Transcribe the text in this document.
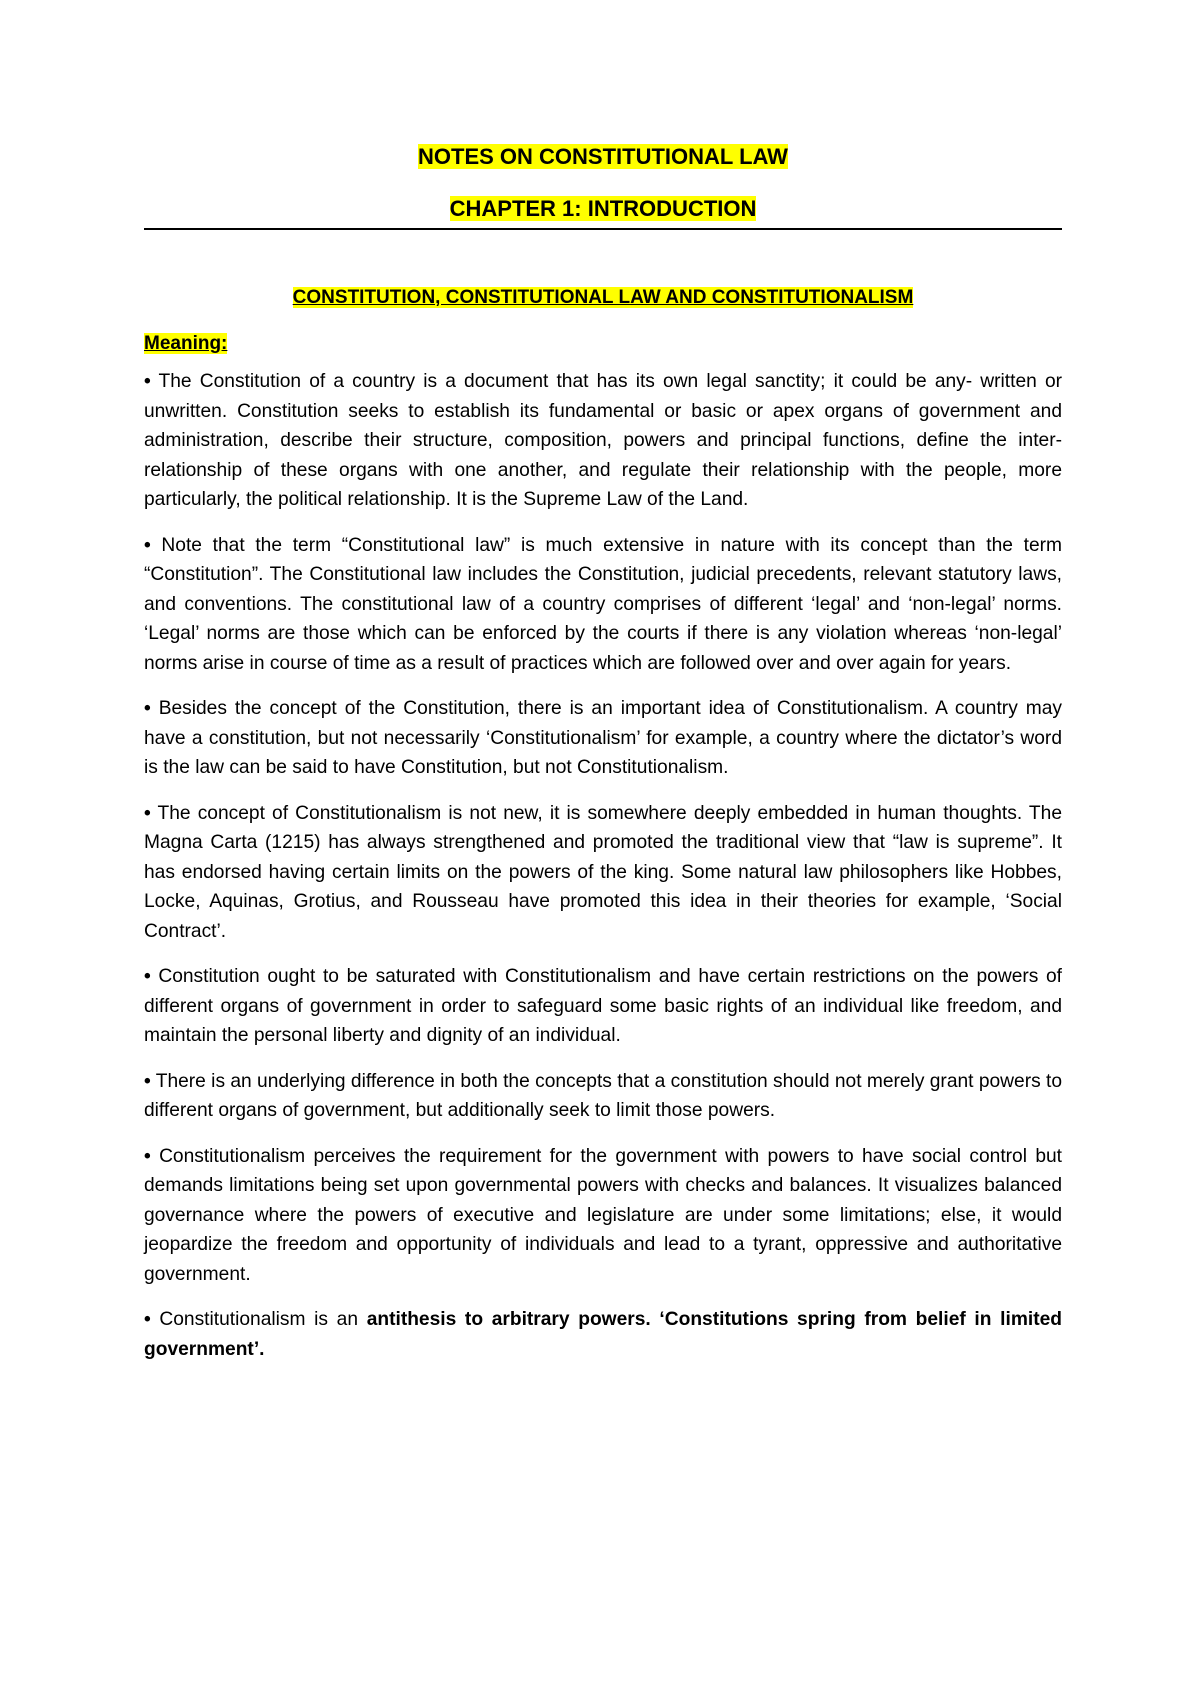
NOTES ON CONSTITUTIONAL LAW

CHAPTER 1: INTRODUCTION

CONSTITUTION, CONSTITUTIONAL LAW AND CONSTITUTIONALISM

Meaning:

• The Constitution of a country is a document that has its own legal sanctity; it could be any- written or unwritten. Constitution seeks to establish its fundamental or basic or apex organs of government and administration, describe their structure, composition, powers and principal functions, define the inter-relationship of these organs with one another, and regulate their relationship with the people, more particularly, the political relationship. It is the Supreme Law of the Land.

• Note that the term “Constitutional law” is much extensive in nature with its concept than the term “Constitution”. The Constitutional law includes the Constitution, judicial precedents, relevant statutory laws, and conventions. The constitutional law of a country comprises of different ‘legal’ and ‘non-legal’ norms. ‘Legal’ norms are those which can be enforced by the courts if there is any violation whereas ‘non-legal’ norms arise in course of time as a result of practices which are followed over and over again for years.

• Besides the concept of the Constitution, there is an important idea of Constitutionalism. A country may have a constitution, but not necessarily ‘Constitutionalism’ for example, a country where the dictator’s word is the law can be said to have Constitution, but not Constitutionalism.

• The concept of Constitutionalism is not new, it is somewhere deeply embedded in human thoughts. The Magna Carta (1215) has always strengthened and promoted the traditional view that “law is supreme”. It has endorsed having certain limits on the powers of the king. Some natural law philosophers like Hobbes, Locke, Aquinas, Grotius, and Rousseau have promoted this idea in their theories for example, ‘Social Contract’.

• Constitution ought to be saturated with Constitutionalism and have certain restrictions on the powers of different organs of government in order to safeguard some basic rights of an individual like freedom, and maintain the personal liberty and dignity of an individual.

• There is an underlying difference in both the concepts that a constitution should not merely grant powers to different organs of government, but additionally seek to limit those powers.

• Constitutionalism perceives the requirement for the government with powers to have social control but demands limitations being set upon governmental powers with checks and balances. It visualizes balanced governance where the powers of executive and legislature are under some limitations; else, it would jeopardize the freedom and opportunity of individuals and lead to a tyrant, oppressive and authoritative government.

• Constitutionalism is an antithesis to arbitrary powers. ‘Constitutions spring from belief in limited government’.
